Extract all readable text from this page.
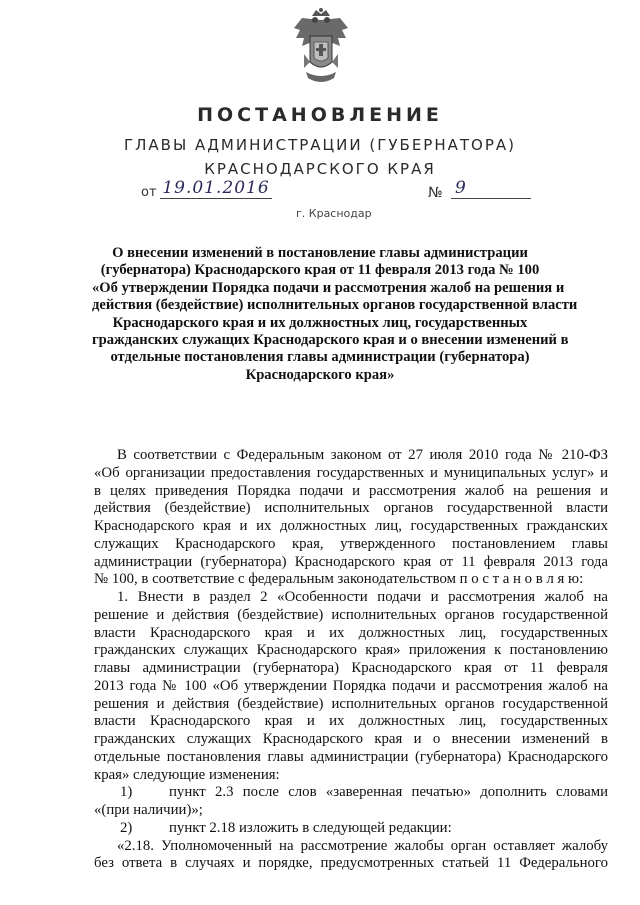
ПОСТАНОВЛЕНИЕ
ГЛАВЫ АДМИНИСТРАЦИИ (ГУБЕРНАТОРА)
КРАСНОДАРСКОГО КРАЯ
от 19.01.2016	№ 9
г. Краснодар
О внесении изменений в постановление главы администрации
(губернатора) Краснодарского края от 11 февраля 2013 года № 100
«Об утверждении Порядка подачи и рассмотрения жалоб на решения и
действия (бездействие) исполнительных органов государственной власти
Краснодарского края и их должностных лиц, государственных
гражданских служащих Краснодарского края и о внесении изменений в
отдельные постановления главы администрации (губернатора)
Краснодарского края»
В соответствии с Федеральным законом от 27 июля 2010 года № 210-ФЗ
«Об организации предоставления государственных и муниципальных услуг» и
в целях приведения Порядка подачи и рассмотрения жалоб на решения и
действия (бездействие) исполнительных органов государственной власти
Краснодарского края и их должностных лиц, государственных гражданских
служащих Краснодарского края, утвержденного постановлением главы
администрации (губернатора) Краснодарского края от 11 февраля 2013 года
№ 100, в соответствие с федеральным законодательством п о с т а н о в л я ю:
1. Внести в раздел 2 «Особенности подачи и рассмотрения жалоб на
решение и действия (бездействие) исполнительных органов государственной
власти Краснодарского края и их должностных лиц, государственных
гражданских служащих Краснодарского края» приложения к постановлению
главы администрации (губернатора) Краснодарского края от 11 февраля
2013 года № 100 «Об утверждении Порядка подачи и рассмотрения жалоб на
решения и действия (бездействие) исполнительных органов государственной
власти Краснодарского края и их должностных лиц, государственных
гражданских служащих Краснодарского края и о внесении изменений в
отдельные постановления главы администрации (губернатора) Краснодарского
края» следующие изменения:
1) пункт 2.3 после слов «заверенная печатью» дополнить словами
«(при наличии)»;
2) пункт 2.18 изложить в следующей редакции:
«2.18. Уполномоченный на рассмотрение жалобы орган оставляет жалобу
без ответа в случаях и порядке, предусмотренных статьей 11 Федерального
